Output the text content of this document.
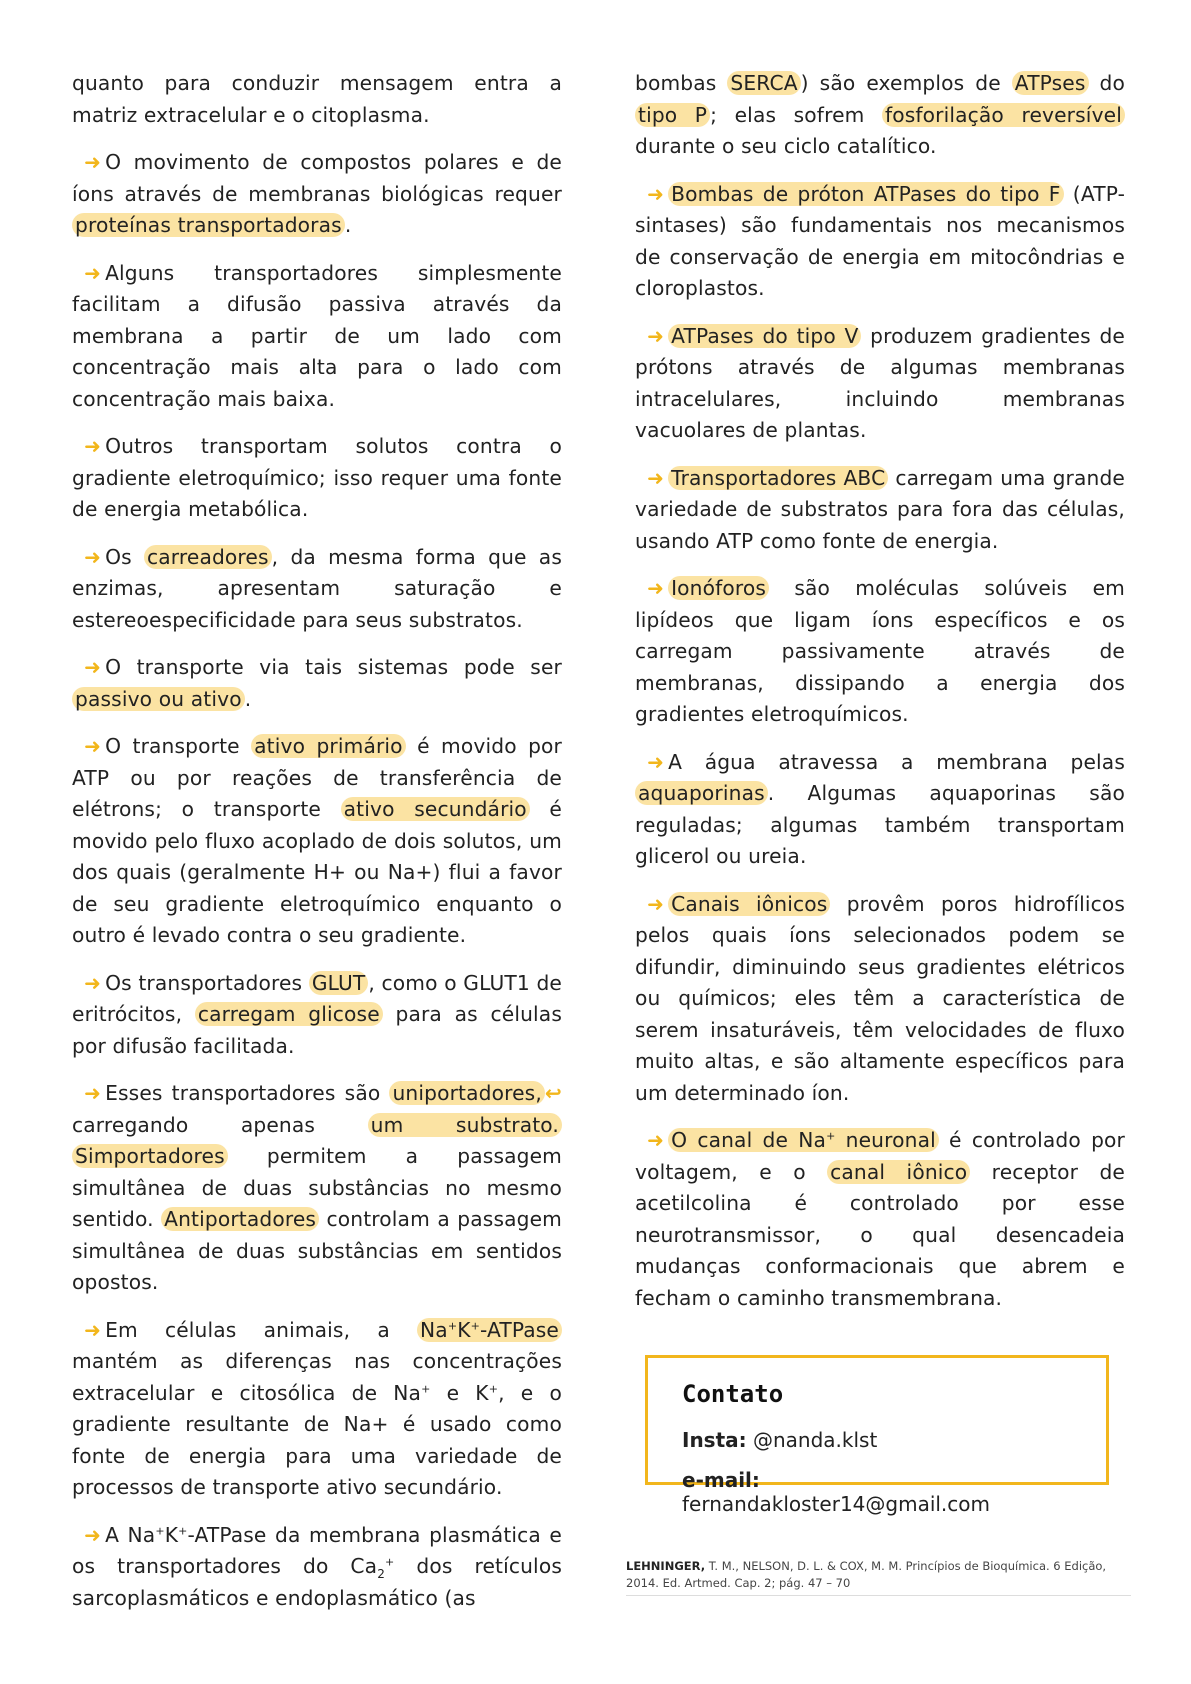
quanto para conduzir mensagem entra a matriz extracelular e o citoplasma.

➜ O movimento de compostos polares e de íons através de membranas biológicas requer proteínas transportadoras .

➜ Alguns transportadores simplesmente facilitam a difusão passiva através da membrana a partir de um lado com concentração mais alta para o lado com concentração mais baixa.

➜ Outros transportam solutos contra o gradiente eletroquímico; isso requer uma fonte de energia metabólica.

➜ Os carreadores , da mesma forma que as enzimas, apresentam saturação e estereoespecificidade para seus substratos.

➜ O transporte via tais sistemas pode ser passivo ou ativo .

➜ O transporte ativo primário é movido por ATP ou por reações de transferência de elétrons; o transporte ativo secundário é movido pelo fluxo acoplado de dois solutos, um dos quais (geralmente H+ ou Na+) flui a favor de seu gradiente eletroquímico enquanto o outro é levado contra o seu gradiente.

➜ Os transportadores GLUT , como o GLUT1 de eritrócitos, carregam glicose para as células por difusão facilitada.

➜ Esses transportadores são uniportadores, ↩ carregando apenas um substrato. Simportadores permitem a passagem simultânea de duas substâncias no mesmo sentido. Antiportadores controlam a passagem simultânea de duas substâncias em sentidos opostos.

➜ Em células animais, a Na+K+-ATPase mantém as diferenças nas concentrações extracelular e citosólica de Na+ e K+, e o gradiente resultante de Na+ é usado como fonte de energia para uma variedade de processos de transporte ativo secundário.

➜ A Na+K+-ATPase da membrana plasmática e os transportadores do $Ca_2^+$ dos retículos sarcoplasmáticos e endoplasmático (as

bombas SERCA ) são exemplos de ATPses do tipo P ; elas sofrem fosforilação reversível durante o seu ciclo catalítico.

➜ Bombas de próton ATPases do tipo F (ATP-sintases) são fundamentais nos mecanismos de conservação de energia em mitocôndrias e cloroplastos.

➜ ATPases do tipo V produzem gradientes de prótons através de algumas membranas intracelulares, incluindo membranas vacuolares de plantas.

➜ Transportadores ABC carregam uma grande variedade de substratos para fora das células, usando ATP como fonte de energia.

➜ Ionóforos são moléculas solúveis em lipídeos que ligam íons específicos e os carregam passivamente através de membranas, dissipando a energia dos gradientes eletroquímicos.

➜ A água atravessa a membrana pelas aquaporinas . Algumas aquaporinas são reguladas; algumas também transportam glicerol ou ureia.

➜ Canais iônicos provêm poros hidrofílicos pelos quais íons selecionados podem se difundir, diminuindo seus gradientes elétricos ou químicos; eles têm a característica de serem insaturáveis, têm velocidades de fluxo muito altas, e são altamente específicos para um determinado íon.

➜ O canal de Na+ neuronal é controlado por voltagem, e o canal iônico receptor de acetilcolina é controlado por esse neurotransmissor, o qual desencadeia mudanças conformacionais que abrem e fecham o caminho transmembrana.

Contato
Insta: @nanda.klst
e-mail: fernandakloster14@gmail.com
LEHNINGER, T. M., NELSON, D. L. & COX, M. M. Princípios de Bioquímica. 6 Edição, 2014. Ed. Artmed. Cap. 2; pág. 47 – 70
